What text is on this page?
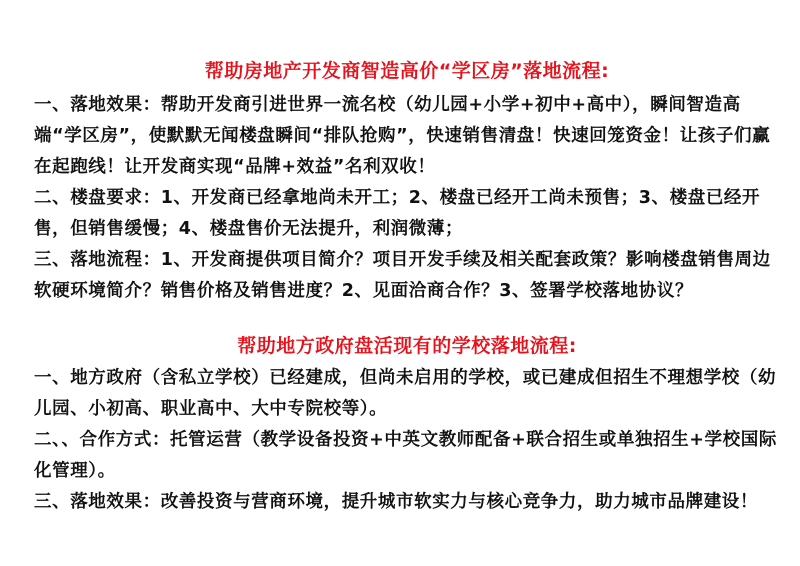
帮助房地产开发商智造高价“学区房”落地流程:

一、落地效果：帮助开发商引进世界一流名校（幼儿园+小学+初中+高中），瞬间智造高端“学区房”，使默默无闻楼盘瞬间“排队抢购”，快速销售清盘！快速回笼资金！让孩子们赢在起跑线！让开发商实现“品牌+效益”名利双收！

二、楼盘要求：1、开发商已经拿地尚未开工；2、楼盘已经开工尚未预售；3、楼盘已经开售，但销售缓慢；4、楼盘售价无法提升，利润微薄；

三、落地流程：1、开发商提供项目简介？项目开发手续及相关配套政策？影响楼盘销售周边软硬环境简介？销售价格及销售进度？2、见面洽商合作？3、签署学校落地协议？

帮助地方政府盘活现有的学校落地流程:

一、地方政府（含私立学校）已经建成，但尚未启用的学校，或已建成但招生不理想学校（幼儿园、小初高、职业高中、大中专院校等）。

二、、合作方式：托管运营（教学设备投资+中英文教师配备+联合招生或单独招生+学校国际化管理）。

三、落地效果：改善投资与营商环境，提升城市软实力与核心竞争力，助力城市品牌建设！
